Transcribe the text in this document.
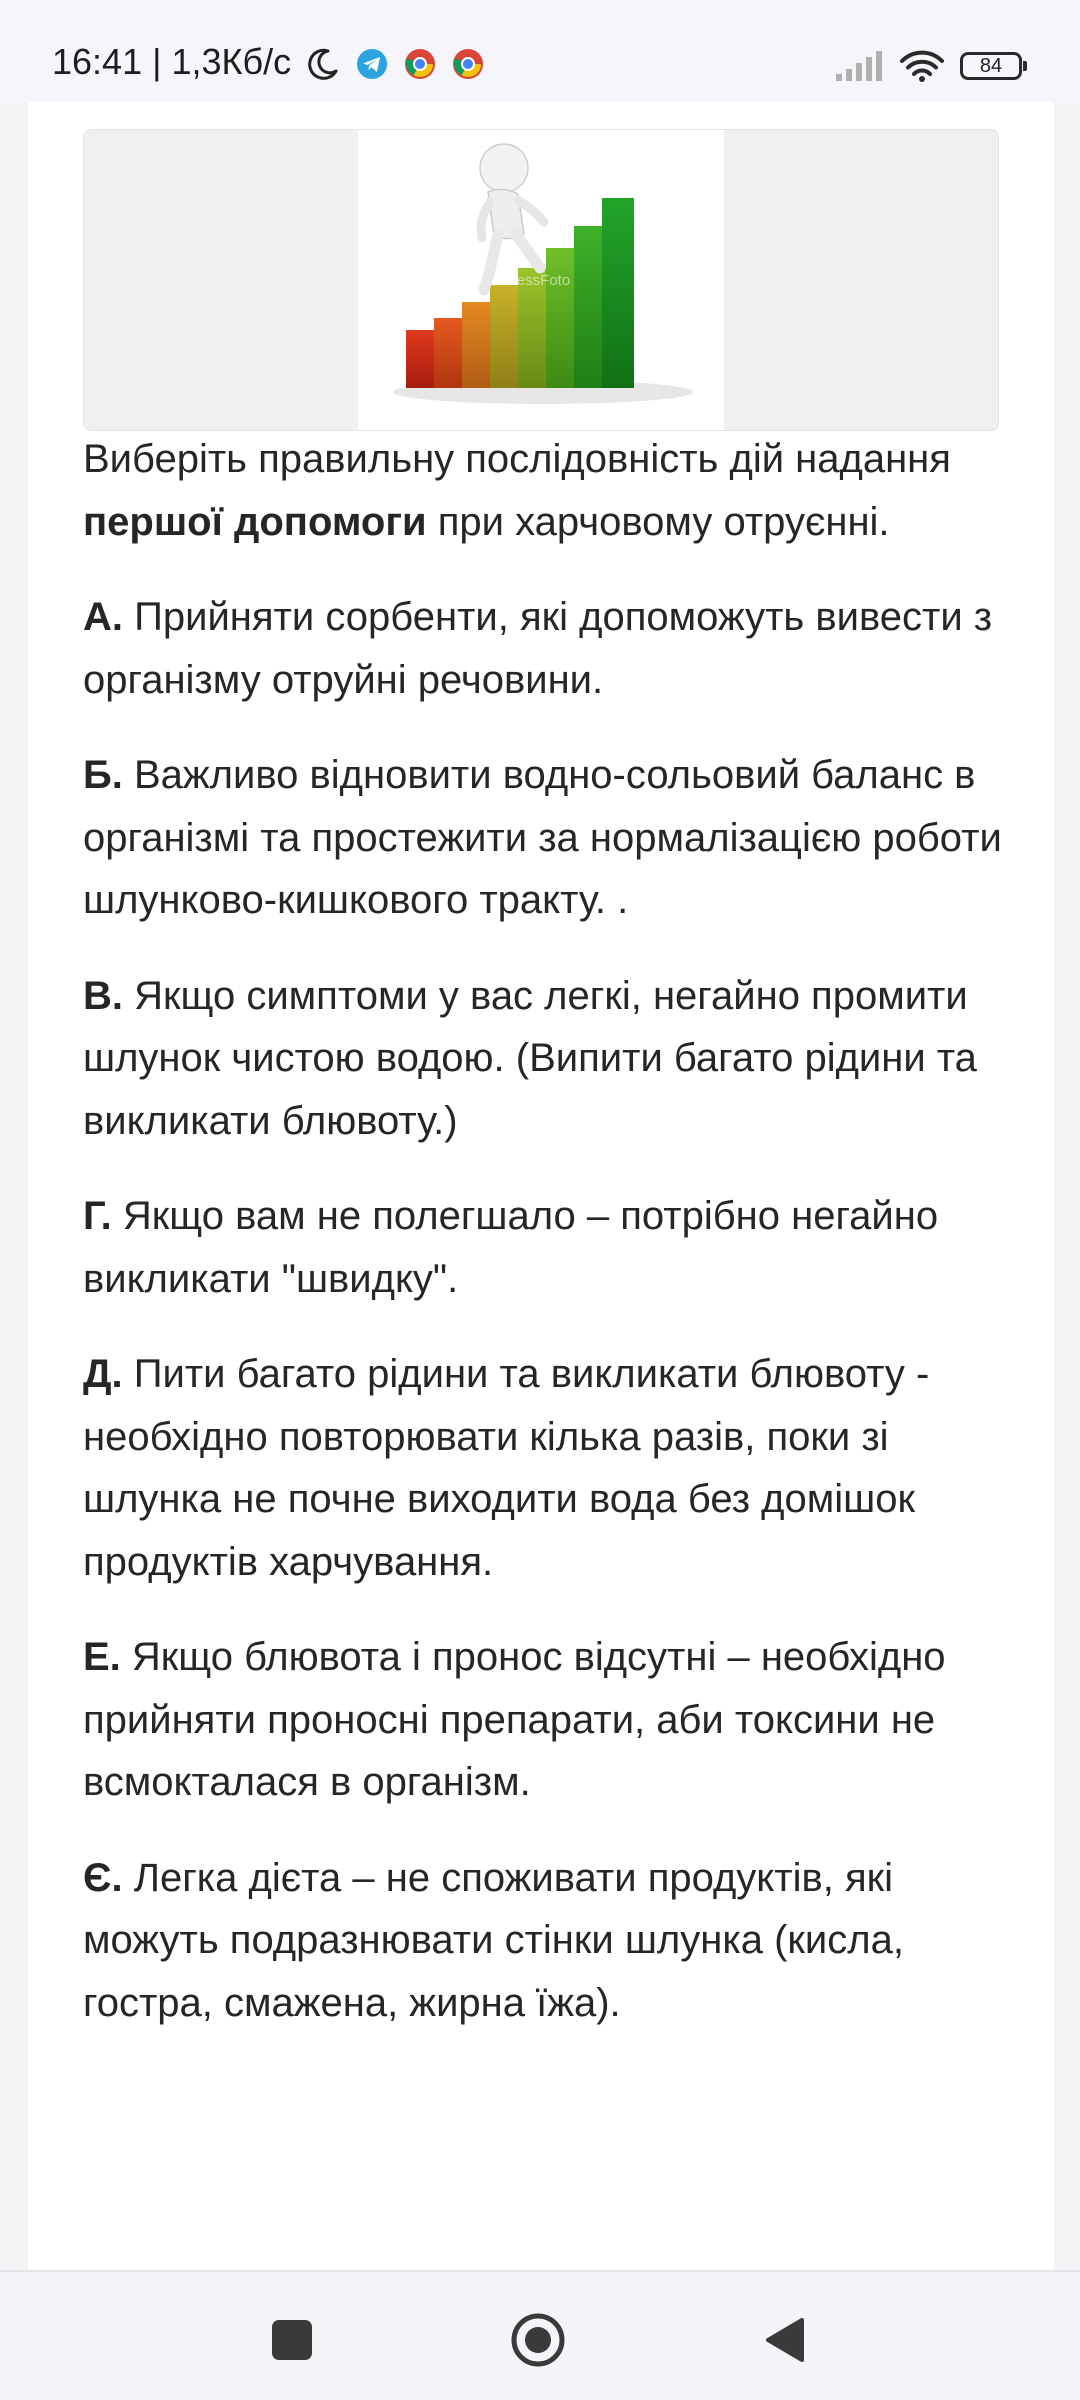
16:41 | 1,3Кб/с	84
PressFoto

Виберіть правильну послідовність дій надання першої допомоги при харчовому отруєнні.

А. Прийняти сорбенти, які допоможуть вивести з організму отруйні речовини.

Б. Важливо відновити водно-сольовий баланс в організмі та простежити за нормалізацією роботи шлунково-кишкового тракту. .

В. Якщо симптоми у вас легкі, негайно промити шлунок чистою водою. (Випити багато рідини та викликати блювоту.)

Г. Якщо вам не полегшало – потрібно негайно викликати "швидку".

Д. Пити багато рідини та викликати блювоту - необхідно повторювати кілька разів, поки зі шлунка не почне виходити вода без домішок продуктів харчування.

Е. Якщо блювота і пронос відсутні – необхідно прийняти проносні препарати, аби токсини не всмокталася в організм.

Є. Легка дієта – не споживати продуктів, які можуть подразнювати стінки шлунка (кисла, гостра, смажена, жирна їжа).
